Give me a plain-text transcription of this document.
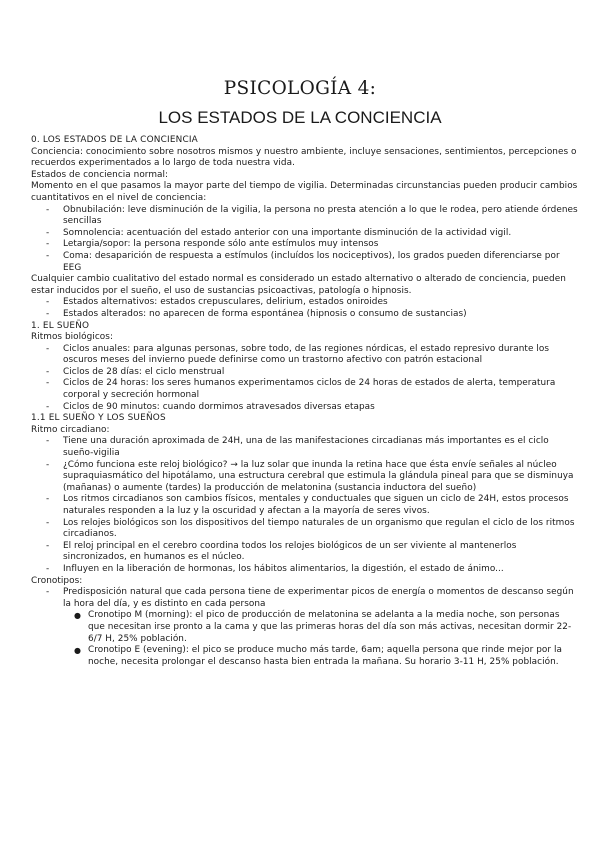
PSICOLOGÍA 4:
LOS ESTADOS DE LA CONCIENCIA

0. LOS ESTADOS DE LA CONCIENCIA

Conciencia: conocimiento sobre nosotros mismos y nuestro ambiente, incluye sensaciones, sentimientos, percepciones o recuerdos experimentados a lo largo de toda nuestra vida.

Estados de conciencia normal:

Momento en el que pasamos la mayor parte del tiempo de vigilia. Determinadas circunstancias pueden producir cambios cuantitativos en el nivel de conciencia:

- Obnubilación: leve disminución de la vigilia, la persona no presta atención a lo que le rodea, pero atiende órdenes sencillas
- Somnolencia: acentuación del estado anterior con una importante disminución de la actividad vigil.
- Letargia/sopor: la persona responde sólo ante estímulos muy intensos
- Coma: desaparición de respuesta a estímulos (incluídos los nociceptivos), los grados pueden diferenciarse por EEG

Cualquier cambio cualitativo del estado normal es considerado un estado alternativo o alterado de conciencia, pueden estar inducidos por el sueño, el uso de sustancias psicoactivas, patología o hipnosis.

- Estados alternativos: estados crepusculares, delirium, estados oniroides
- Estados alterados: no aparecen de forma espontánea (hipnosis o consumo de sustancias)

1. EL SUEÑO

Ritmos biológicos:

- Ciclos anuales: para algunas personas, sobre todo, de las regiones nórdicas, el estado represivo durante los oscuros meses del invierno puede definirse como un trastorno afectivo con patrón estacional
- Ciclos de 28 días: el ciclo menstrual
- Ciclos de 24 horas: los seres humanos experimentamos ciclos de 24 horas de estados de alerta, temperatura corporal y secreción hormonal
- Ciclos de 90 minutos: cuando dormimos atravesados diversas etapas

1.1 EL SUEÑO Y LOS SUEÑOS

Ritmo circadiano:

- Tiene una duración aproximada de 24H, una de las manifestaciones circadianas más importantes es el ciclo sueño-vigilia
- ¿Cómo funciona este reloj biológico? → la luz solar que inunda la retina hace que ésta envíe señales al núcleo supraquiasmático del hipotálamo, una estructura cerebral que estimula la glándula pineal para que se disminuya (mañanas) o aumente (tardes) la producción de melatonina (sustancia inductora del sueño)
- Los ritmos circadianos son cambios físicos, mentales y conductuales que siguen un ciclo de 24H, estos procesos naturales responden a la luz y la oscuridad y afectan a la mayoría de seres vivos.
- Los relojes biológicos son los dispositivos del tiempo naturales de un organismo que regulan el ciclo de los ritmos circadianos.
- El reloj principal en el cerebro coordina todos los relojes biológicos de un ser viviente al mantenerlos sincronizados, en humanos es el núcleo.
- Influyen en la liberación de hormonas, los hábitos alimentarios, la digestión, el estado de ánimo...

Cronotipos:

- Predisposición natural que cada persona tiene de experimentar picos de energía o momentos de descanso según la hora del día, y es distinto en cada persona
● Cronotipo M (morning): el pico de producción de melatonina se adelanta a la media noche, son personas que necesitan irse pronto a la cama y que las primeras horas del día son más activas, necesitan dormir 22-6/7 H, 25% población.
● Cronotipo E (evening): el pico se produce mucho más tarde, 6am; aquella persona que rinde mejor por la noche, necesita prolongar el descanso hasta bien entrada la mañana. Su horario 3-11 H, 25% población.
